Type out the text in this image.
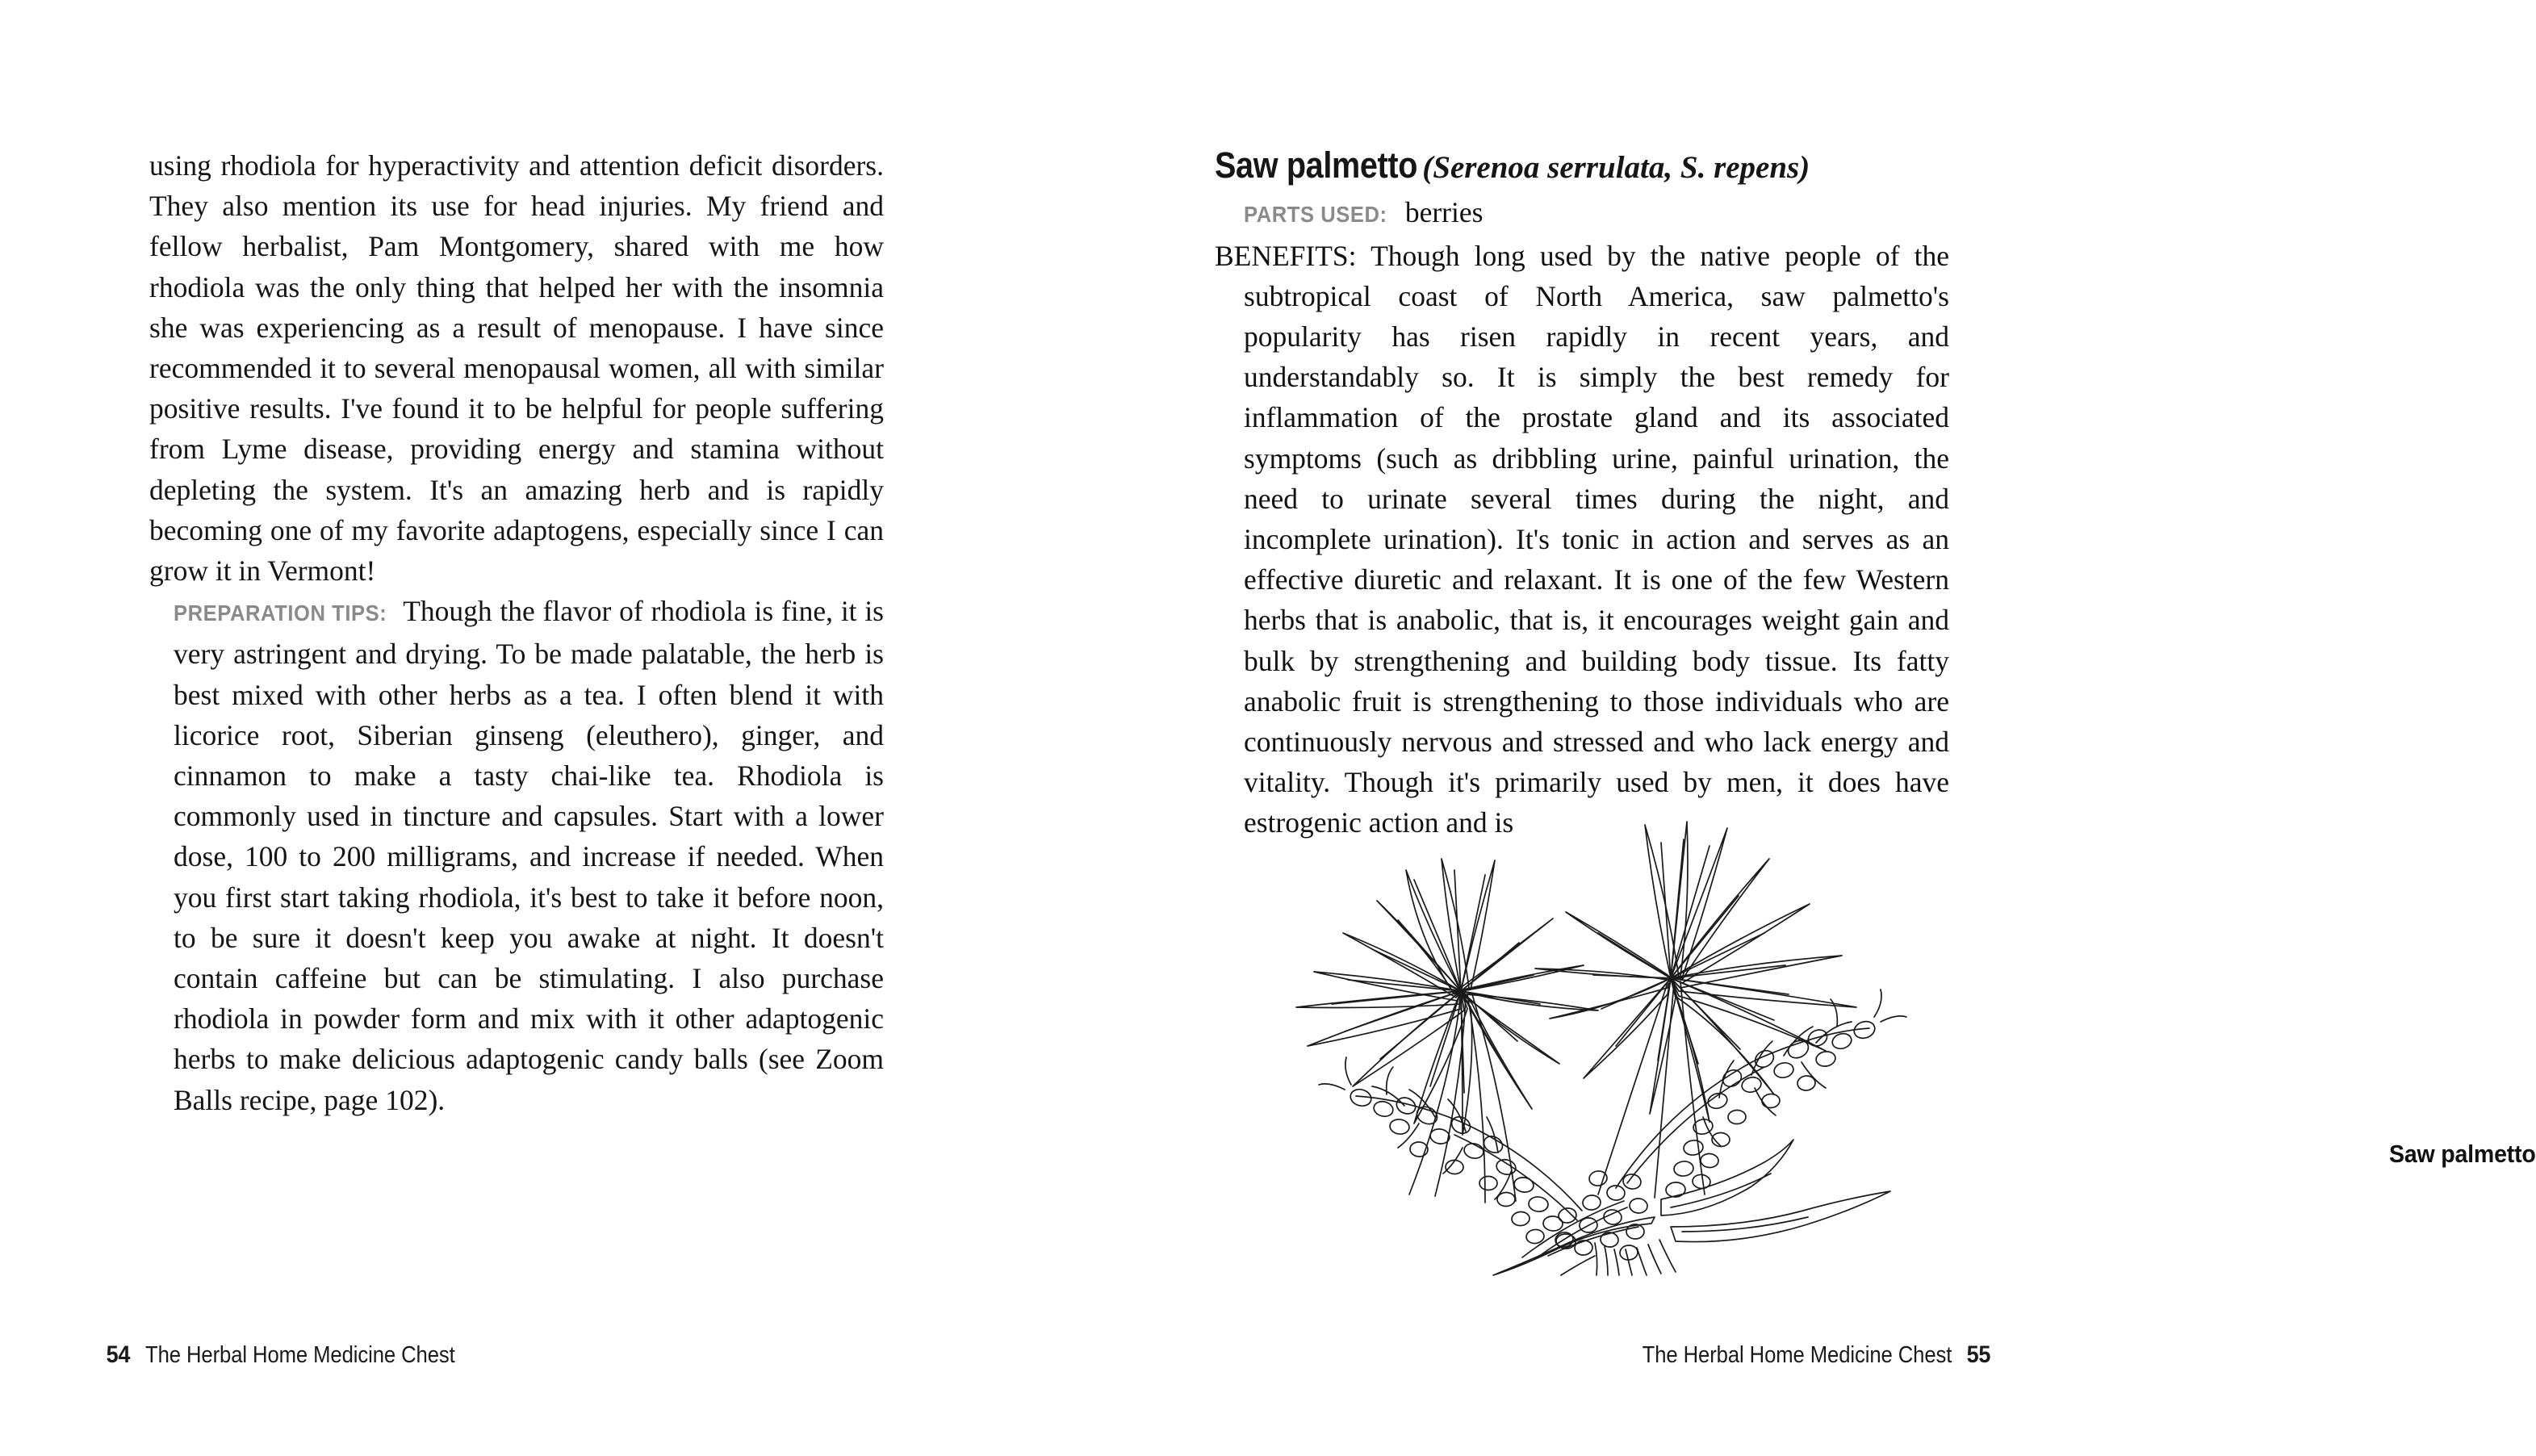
using rhodiola for hyperactivity and attention deficit disorders. They also mention its use for head injuries. My friend and fellow herbalist, Pam Montgomery, shared with me how rhodiola was the only thing that helped her with the insomnia she was experiencing as a result of menopause. I have since recommended it to several menopausal women, all with similar positive results. I've found it to be helpful for people suffering from Lyme disease, providing energy and stamina without depleting the system. It's an amazing herb and is rapidly becoming one of my favorite adaptogens, especially since I can grow it in Vermont!

PREPARATION TIPS: Though the flavor of rhodiola is fine, it is very astringent and drying. To be made palatable, the herb is best mixed with other herbs as a tea. I often blend it with licorice root, Siberian ginseng (eleuthero), ginger, and cinnamon to make a tasty chai-like tea. Rhodiola is commonly used in tincture and capsules. Start with a lower dose, 100 to 200 milligrams, and increase if needed. When you first start taking rhodiola, it's best to take it before noon, to be sure it doesn't keep you awake at night. It doesn't contain caffeine but can be stimulating. I also purchase rhodiola in powder form and mix with it other adaptogenic herbs to make delicious adaptogenic candy balls (see Zoom Balls recipe, page 102).

54 The Herbal Home Medicine Chest
Saw palmetto (Serenoa serrulata, S. repens)
PARTS USED: berries

BENEFITS: Though long used by the native people of the subtropical coast of North America, saw palmetto's popularity has risen rapidly in recent years, and understandably so. It is simply the best remedy for inflammation of the prostate gland and its associated symptoms (such as dribbling urine, painful urination, the need to urinate several times during the night, and incomplete urination). It's tonic in action and serves as an effective diuretic and relaxant. It is one of the few Western herbs that is anabolic, that is, it encourages weight gain and bulk by strengthening and building body tissue. Its fatty anabolic fruit is strengthening to those individuals who are continuously nervous and stressed and who lack energy and vitality. Though it's primarily used by men, it does have estrogenic action and is

Saw palmetto
The Herbal Home Medicine Chest 55
